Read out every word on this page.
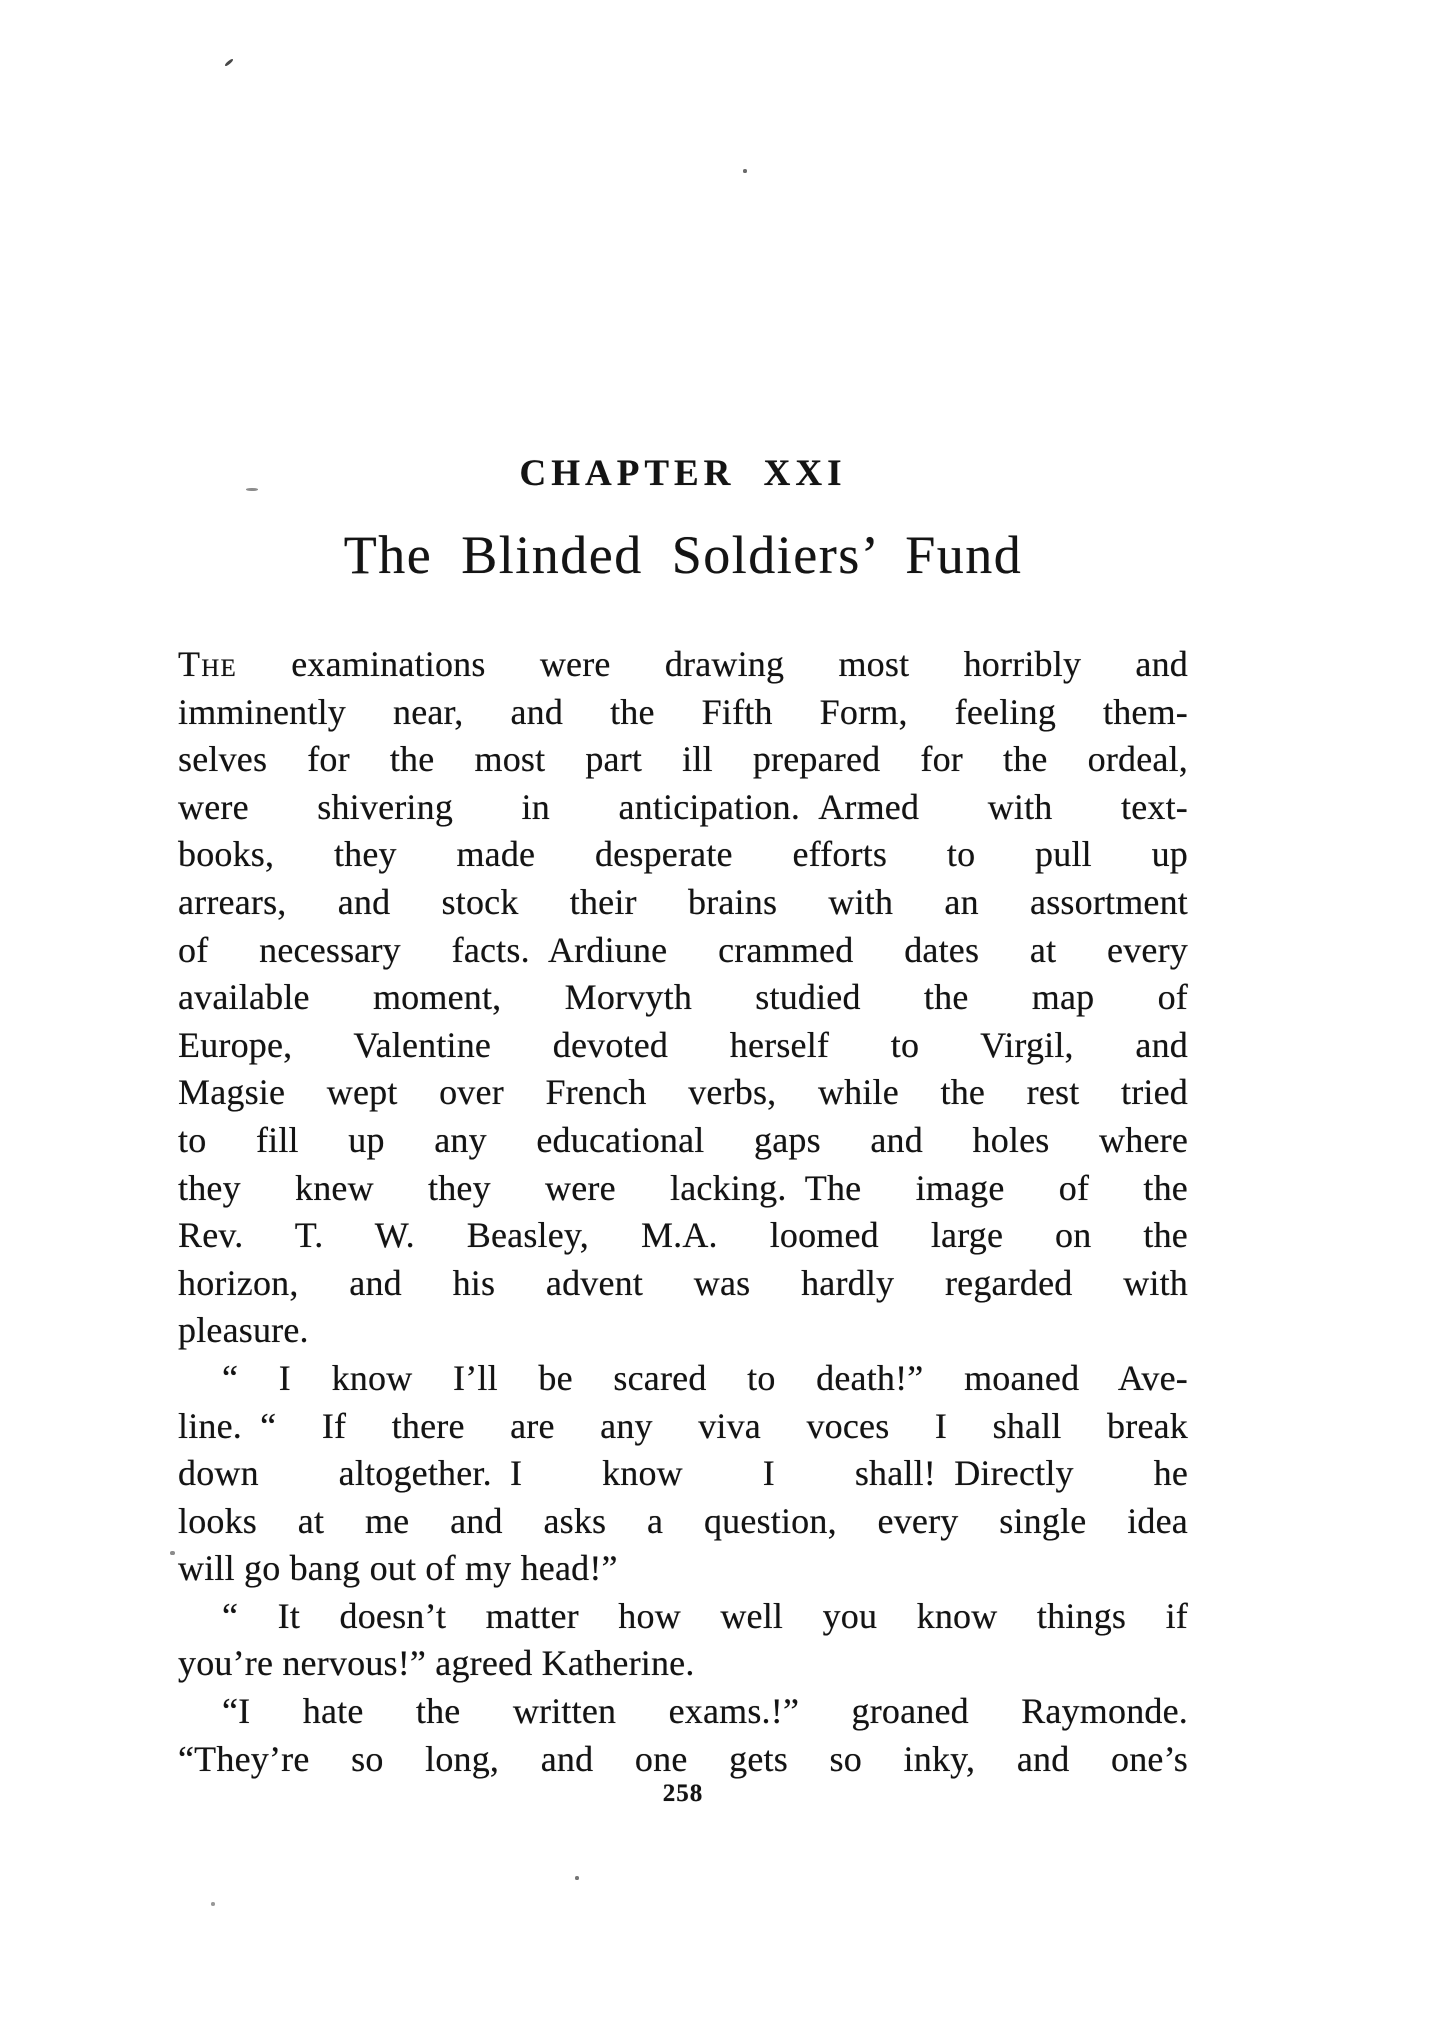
CHAPTER XXI
The Blinded Soldiers’ Fund
The examinations were drawing most horribly and
imminently near, and the Fifth Form, feeling them-
selves for the most part ill prepared for the ordeal,
were shivering in anticipation. Armed with text-
books, they made desperate efforts to pull up
arrears, and stock their brains with an assortment
of necessary facts. Ardiune crammed dates at every
available moment, Morvyth studied the map of
Europe, Valentine devoted herself to Virgil, and
Magsie wept over French verbs, while the rest tried
to fill up any educational gaps and holes where
they knew they were lacking. The image of the
Rev. T. W. Beasley, M.A. loomed large on the
horizon, and his advent was hardly regarded with
pleasure.
“ I know I’ll be scared to death!” moaned Ave-
line. “ If there are any viva voces I shall break
down altogether. I know I shall! Directly he
looks at me and asks a question, every single idea
will go bang out of my head!”
“ It doesn’t matter how well you know things if
you’re nervous!” agreed Katherine.
“I hate the written exams.!” groaned Raymonde.
“They’re so long, and one gets so inky, and one’s
258
